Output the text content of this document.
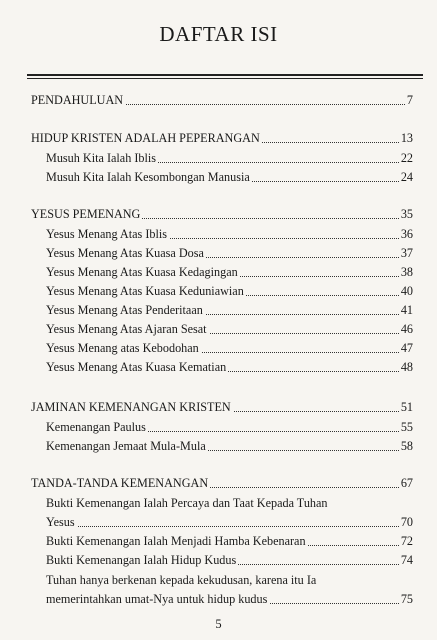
DAFTAR ISI
PENDAHULUAN	7
HIDUP KRISTEN ADALAH PEPERANGAN	13
Musuh Kita Ialah Iblis	22
Musuh Kita Ialah Kesombongan Manusia	24
YESUS PEMENANG	35
Yesus Menang Atas Iblis	36
Yesus Menang Atas Kuasa Dosa	37
Yesus Menang Atas Kuasa Kedagingan	38
Yesus Menang Atas Kuasa Keduniawian	40
Yesus Menang Atas Penderitaan	41
Yesus Menang Atas Ajaran Sesat	46
Yesus Menang atas Kebodohan	47
Yesus Menang Atas Kuasa Kematian	48
JAMINAN KEMENANGAN KRISTEN	51
Kemenangan Paulus	55
Kemenangan Jemaat Mula-Mula	58
TANDA-TANDA KEMENANGAN	67
Bukti Kemenangan Ialah Percaya dan Taat Kepada Tuhan
Yesus	70
Bukti Kemenangan Ialah Menjadi Hamba Kebenaran	72
Bukti Kemenangan Ialah Hidup Kudus	74
Tuhan hanya berkenan kepada kekudusan, karena itu Ia
memerintahkan umat-Nya untuk hidup kudus	75
5
